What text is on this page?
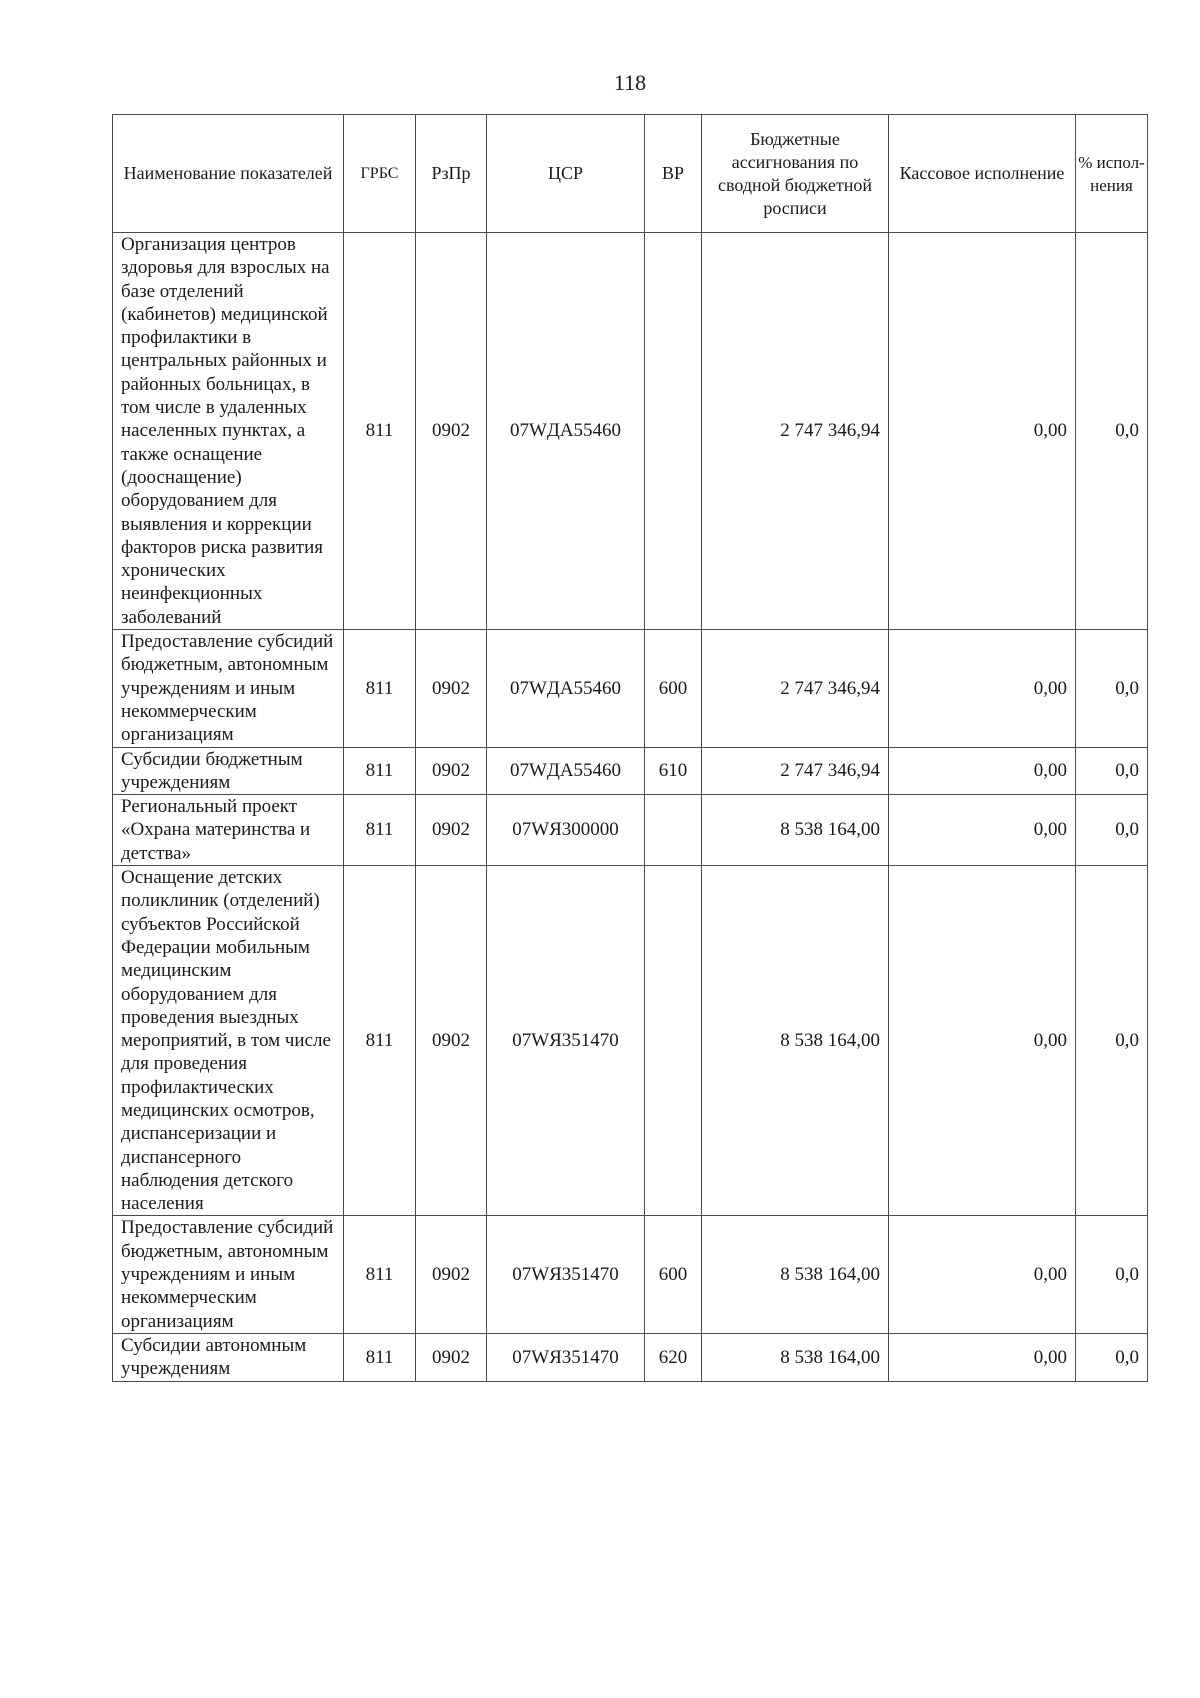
118
Наименование показателей	ГРБС	РзПр	ЦСР	ВР	Бюджетные ассигнования по сводной бюджетной росписи	Кассовое исполнение	% испол-нения
Организация центров здоровья для взрослых на базе отделений (кабинетов) медицинской профилактики в центральных районных и районных больницах, в том числе в удаленных населенных пунктах, а также оснащение (дооснащение) оборудованием для выявления и коррекции факторов риска развития хронических неинфекционных заболеваний	811	0902	07WДА55460		2 747 346,94	0,00	0,0
Предоставление субсидий бюджетным, автономным учреждениям и иным некоммерческим организациям	811	0902	07WДА55460	600	2 747 346,94	0,00	0,0
Субсидии бюджетным учреждениям	811	0902	07WДА55460	610	2 747 346,94	0,00	0,0
Региональный проект «Охрана материнства и детства»	811	0902	07WЯ300000		8 538 164,00	0,00	0,0
Оснащение детских поликлиник (отделений) субъектов Российской Федерации мобильным медицинским оборудованием для проведения выездных мероприятий, в том числе для проведения профилактических медицинских осмотров, диспансеризации и диспансерного наблюдения детского населения	811	0902	07WЯ351470		8 538 164,00	0,00	0,0
Предоставление субсидий бюджетным, автономным учреждениям и иным некоммерческим организациям	811	0902	07WЯ351470	600	8 538 164,00	0,00	0,0
Субсидии автономным учреждениям	811	0902	07WЯ351470	620	8 538 164,00	0,00	0,0
